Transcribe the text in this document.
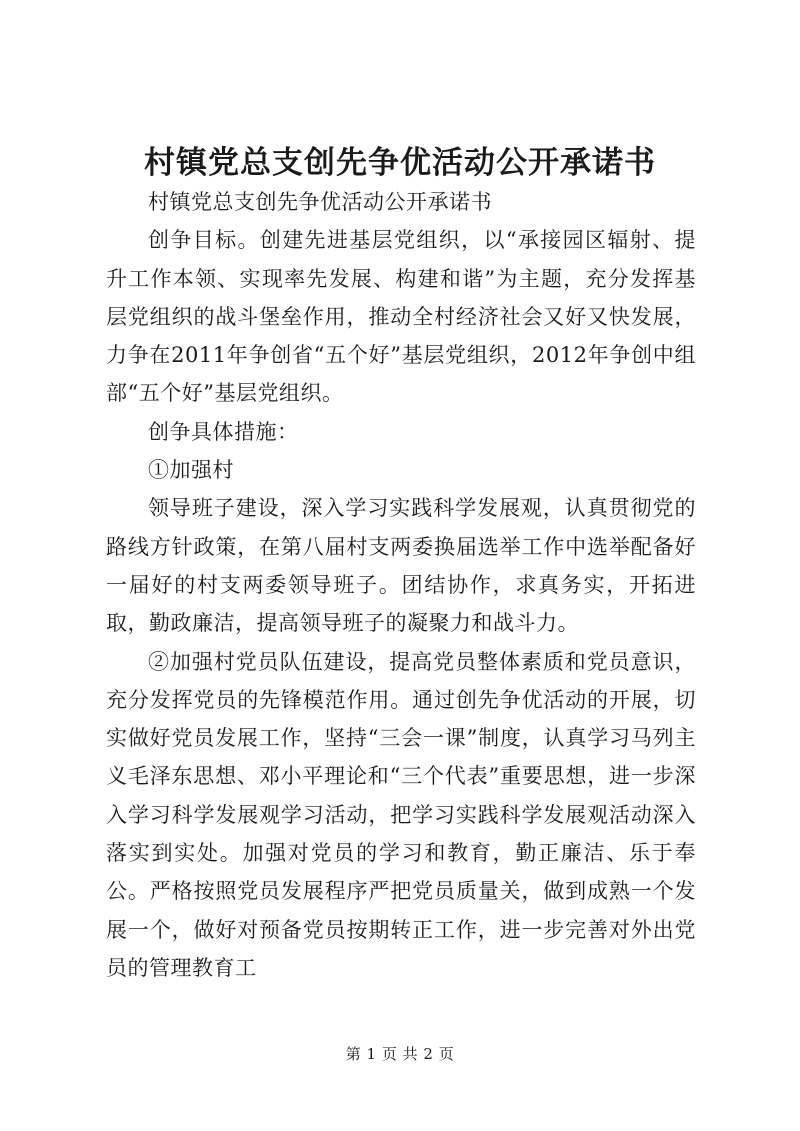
村镇党总支创先争优活动公开承诺书

村镇党总支创先争优活动公开承诺书

创争目标。创建先进基层党组织，以“承接园区辐射、提升工作本领、实现率先发展、构建和谐”为主题，充分发挥基层党组织的战斗堡垒作用，推动全村经济社会又好又快发展，力争在2011年争创省“五个好”基层党组织，2012年争创中组部“五个好”基层党组织。

创争具体措施：

①加强村

领导班子建设，深入学习实践科学发展观，认真贯彻党的路线方针政策，在第八届村支两委换届选举工作中选举配备好一届好的村支两委领导班子。团结协作，求真务实，开拓进取，勤政廉洁，提高领导班子的凝聚力和战斗力。

②加强村党员队伍建设，提高党员整体素质和党员意识，充分发挥党员的先锋模范作用。通过创先争优活动的开展，切实做好党员发展工作，坚持“三会一课”制度，认真学习马列主义毛泽东思想、邓小平理论和“三个代表”重要思想，进一步深入学习科学发展观学习活动，把学习实践科学发展观活动深入落实到实处。加强对党员的学习和教育，勤正廉洁、乐于奉公。严格按照党员发展程序严把党员质量关，做到成熟一个发展一个，做好对预备党员按期转正工作，进一步完善对外出党员的管理教育工

第 1 页 共 2 页
